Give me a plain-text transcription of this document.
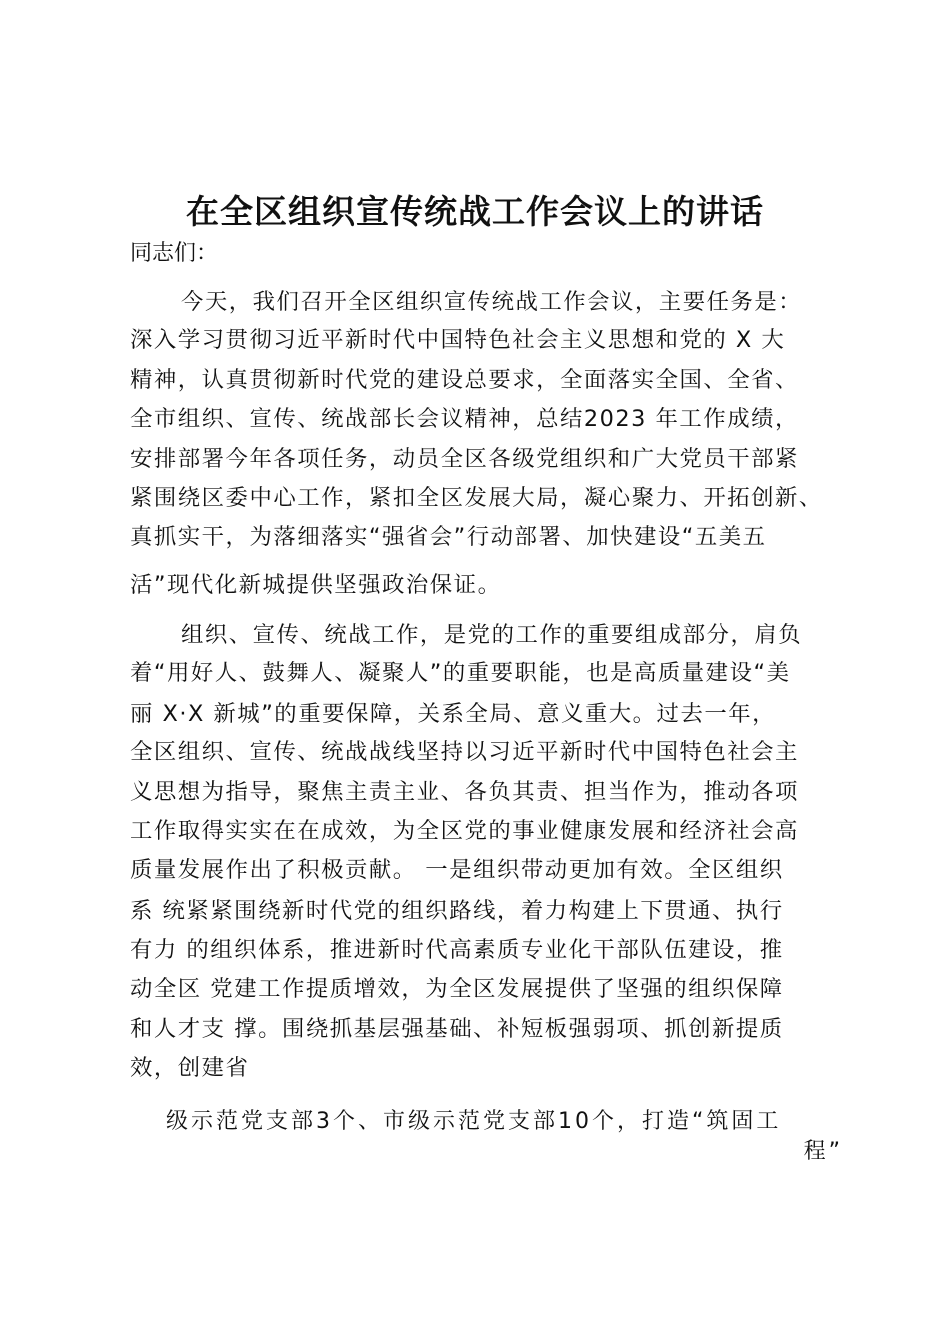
在全区组织宣传统战工作会议上的讲话
同志们：
今天，我们召开全区组织宣传统战工作会议，主要任务是：
深入学习贯彻习近平新时代中国特色社会主义思想和党的 X 大
精神，认真贯彻新时代党的建设总要求，全面落实全国、全省、
全市组织、宣传、统战部长会议精神，总结2023 年工作成绩，
安排部署今年各项任务，动员全区各级党组织和广大党员干部紧
紧围绕区委中心工作，紧扣全区发展大局，凝心聚力、开拓创新、
真抓实干，为落细落实“强省会”行动部署、加快建设“五美五
活”现代化新城提供坚强政治保证。
组织、宣传、统战工作，是党的工作的重要组成部分，肩负
着“用好人、鼓舞人、凝聚人”的重要职能，也是高质量建设“美
丽 X·X 新城”的重要保障，关系全局、意义重大。过去一年，
全区组织、宣传、统战战线坚持以习近平新时代中国特色社会主
义思想为指导，聚焦主责主业、各负其责、担当作为，推动各项
工作取得实实在在成效，为全区党的事业健康发展和经济社会高
质量发展作出了积极贡献。 一是组织带动更加有效。全区组织
系 统紧紧围绕新时代党的组织路线，着力构建上下贯通、执行
有力 的组织体系，推进新时代高素质专业化干部队伍建设，推
动全区 党建工作提质增效，为全区发展提供了坚强的组织保障
和人才支 撑。围绕抓基层强基础、补短板强弱项、抓创新提质
效，创建省
级示范党支部3个、市级示范党支部10个，打造“筑固工
程”
